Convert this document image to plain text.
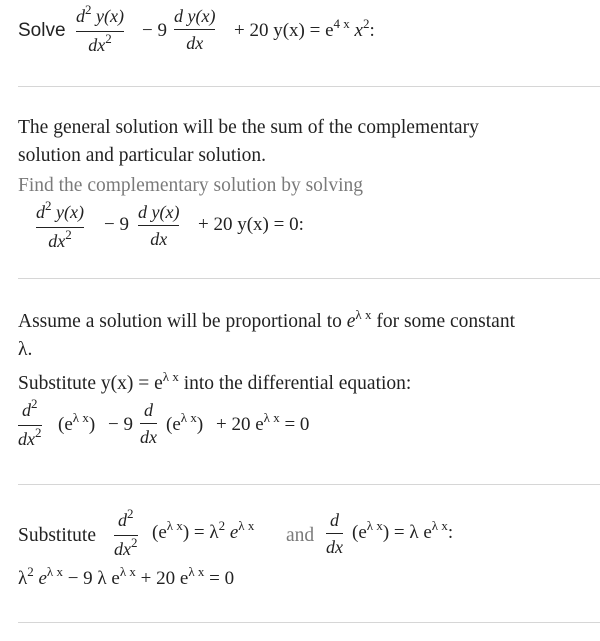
Solve
$d^2$ y(x)
$dx^2 - 9$
d y(x)
dx
+ 20 $y(x) = e^{4 x}$ $x^2$:
The general solution will be the sum of the complementary
solution and particular solution.
Find the complementary solution by solving
$d^2$ y(x)
$dx^2 - 9$
d y(x)
dx
+ 20 y(x) = 0:
Assume a solution will be proportional to $e^{\lambda x}$ for some constant
λ.
Substitute $y(x) = e^{\lambda x}$ into the differential equation:
$d^2$
$dx^2$ $(e^{\lambda x}) - 9$
d
dx
$(e^{\lambda x}) + 20$ $e^{\lambda x} = 0$
Substitute
$d^2$
$dx^2$ $(e^{\lambda x}) = \lambda^2$ $e^{\lambda x}$ and
d
dx
$(e^{\lambda x}) = \lambda$ $e^{\lambda x}$:
$\lambda^2$ $e^{\lambda x} - 9$ λ $e^{\lambda x} + 20$ $e^{\lambda x} = 0$
